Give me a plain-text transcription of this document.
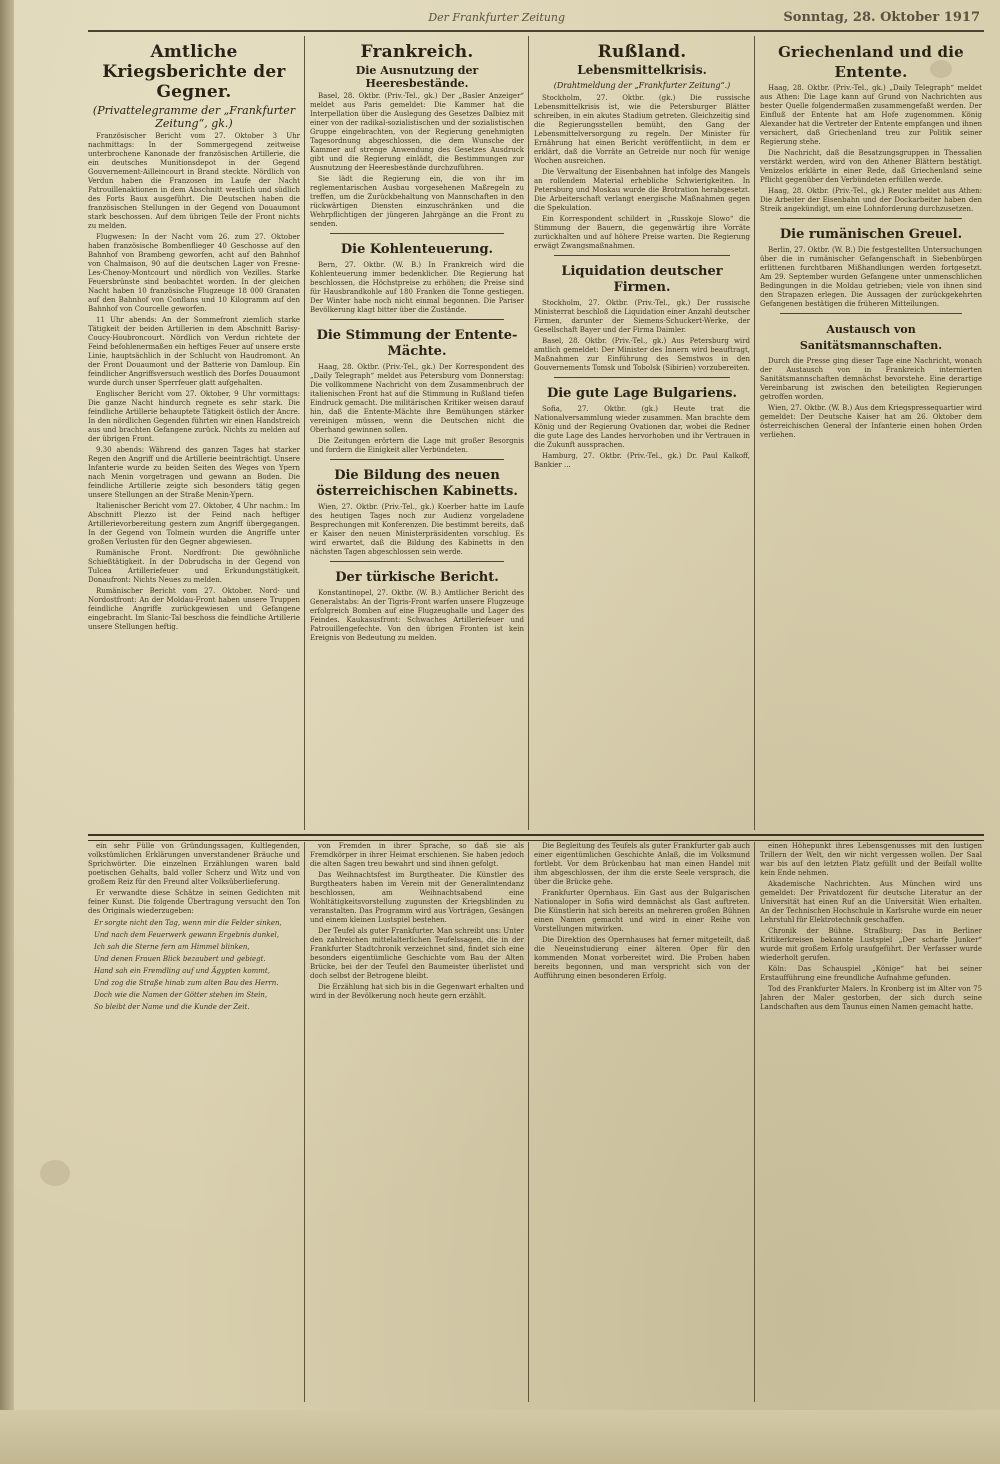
Der Frankfurter Zeitung	Sonntag, 28. Oktober 1917
Amtliche Kriegsberichte der Gegner.
(Privattelegramme der „Frankfurter Zeitung“, gk.)

Französischer Bericht vom 27. Oktober 3 Uhr nachmittags: In der Sommergegend zeitweise unterbrochene Kanonade der französischen Artillerie, die ein deutsches Munitionsdepot in der Gegend Gouvernement-Ailleincourt in Brand steckte. Nördlich von Verdun haben die Franzosen im Laufe der Nacht Patrouillenaktionen in dem Abschnitt westlich und südlich des Forts Baux ausgeführt. Die Deutschen haben die französischen Stellungen in der Gegend von Douaumont stark beschossen. Auf dem übrigen Teile der Front nichts zu melden.

Flugwesen: In der Nacht vom 26. zum 27. Oktober haben französische Bombenflieger 40 Geschosse auf den Bahnhof von Brambeng geworfen, acht auf den Bahnhof von Chalmaison, 90 auf die deutschen Lager von Fresne-Les-Chenoy-Montcourt und nördlich von Vezilles. Starke Feuersbrünste sind beobachtet worden. In der gleichen Nacht haben 10 französische Flugzeuge 18 000 Granaten auf den Bahnhof von Conflans und 10 Kilogramm auf den Bahnhof von Courcelle geworfen.

11 Uhr abends: An der Sommefront ziemlich starke Tätigkeit der beiden Artillerien in dem Abschnitt Barisy-Coucy-Houbroncourt. Nördlich von Verdun richtete der Feind befohlenermaßen ein heftiges Feuer auf unsere erste Linie, hauptsächlich in der Schlucht von Haudromont. An der Front Douaumont und der Batterie von Damloup. Ein feindlicher Angriffsversuch westlich des Dorfes Douaumont wurde durch unser Sperrfeuer glatt aufgehalten.

Englischer Bericht vom 27. Oktober, 9 Uhr vormittags: Die ganze Nacht hindurch regnete es sehr stark. Die feindliche Artillerie behauptete Tätigkeit östlich der Ancre. In den nördlichen Gegenden führten wir einen Handstreich aus und brachten Gefangene zurück. Nichts zu melden auf der übrigen Front.

9.30 abends: Während des ganzen Tages hat starker Regen den Angriff und die Artillerie beeinträchtigt. Unsere Infanterie wurde zu beiden Seiten des Weges von Ypern nach Menin vorgetragen und gewann an Boden. Die feindliche Artillerie zeigte sich besonders tätig gegen unsere Stellungen an der Straße Menin-Ypern.

Italienischer Bericht vom 27. Oktober, 4 Uhr nachm.: Im Abschnitt Plezzo ist der Feind nach heftiger Artillerievorbereitung gestern zum Angriff übergegangen. In der Gegend von Tolmein wurden die Angriffe unter großen Verlusten für den Gegner abgewiesen.

Rumänische Front. Nordfront: Die gewöhnliche Schießtätigkeit. In der Dobrudscha in der Gegend von Tulcea Artilleriefeuer und Erkundungstätigkeit. Donaufront: Nichts Neues zu melden.

Rumänischer Bericht vom 27. Oktober. Nord- und Nordostfront: An der Moldau-Front haben unsere Truppen feindliche Angriffe zurückgewiesen und Gefangene eingebracht. Im Slanic-Tal beschoss die feindliche Artillerie unsere Stellungen heftig.

Frankreich.
Die Ausnutzung der Heeresbestände.

Basel, 28. Oktbr. (Priv.-Tel., gk.) Der „Basler Anzeiger“ meldet aus Paris gemeldet: Die Kammer hat die Interpellation über die Auslegung des Gesetzes Dalbiez mit einer von der radikal-sozialistischen und der sozialistischen Gruppe eingebrachten, von der Regierung genehmigten Tagesordnung abgeschlossen, die dem Wunsche der Kammer auf strenge Anwendung des Gesetzes Ausdruck gibt und die Regierung einlädt, die Bestimmungen zur Ausnutzung der Heeresbestände durchzuführen.

Sie lädt die Regierung ein, die von ihr im reglementarischen Ausbau vorgesehenen Maßregeln zu treffen, um die Zurückbehaltung von Mannschaften in den rückwärtigen Diensten einzuschränken und die Wehrpflichtigen der jüngeren Jahrgänge an die Front zu senden.

Die Kohlenteuerung.

Bern, 27. Oktbr. (W. B.) In Frankreich wird die Kohlenteuerung immer bedenklicher. Die Regierung hat beschlossen, die Höchstpreise zu erhöhen; die Preise sind für Hausbrandkohle auf 180 Franken die Tonne gestiegen. Der Winter habe noch nicht einmal begonnen. Die Pariser Bevölkerung klagt bitter über die Zustände.

Die Stimmung der Entente-Mächte.

Haag, 28. Oktbr. (Priv.-Tel., gk.) Der Korrespondent des „Daily Telegraph“ meldet aus Petersburg vom Donnerstag: Die vollkommene Nachricht von dem Zusammenbruch der italienischen Front hat auf die Stimmung in Rußland tiefen Eindruck gemacht. Die militärischen Kritiker weisen darauf hin, daß die Entente-Mächte ihre Bemühungen stärker vereinigen müssen, wenn die Deutschen nicht die Oberhand gewinnen sollen.

Die Zeitungen erörtern die Lage mit großer Besorgnis und fordern die Einigkeit aller Verbündeten.

Die Bildung des neuen österreichischen Kabinetts.

Wien, 27. Oktbr. (Priv.-Tel., gk.) Koerber hatte im Laufe des heutigen Tages noch zur Audienz vorgeladene Besprechungen mit Konferenzen. Die bestimmt bereits, daß er Kaiser den neuen Ministerpräsidenten vorschlug. Es wird erwartet, daß die Bildung des Kabinetts in den nächsten Tagen abgeschlossen sein werde.

Der türkische Bericht.

Konstantinopel, 27. Oktbr. (W. B.) Amtlicher Bericht des Generalstabs: An der Tigris-Front warfen unsere Flugzeuge erfolgreich Bomben auf eine Flugzeughalle und Lager des Feindes. Kaukasusfront: Schwaches Artilleriefeuer und Patrouillengefechte. Von den übrigen Fronten ist kein Ereignis von Bedeutung zu melden.

Rußland.
Lebensmittelkrisis.
(Drahtmeldung der „Frankfurter Zeitung“.)

Stockholm, 27. Oktbr. (gk.) Die russische Lebensmittelkrisis ist, wie die Petersburger Blätter schreiben, in ein akutes Stadium getreten. Gleichzeitig sind die Regierungsstellen bemüht, den Gang der Lebensmittelversorgung zu regeln. Der Minister für Ernährung hat einen Bericht veröffentlicht, in dem er erklärt, daß die Vorräte an Getreide nur noch für wenige Wochen ausreichen.

Die Verwaltung der Eisenbahnen hat infolge des Mangels an rollendem Material erhebliche Schwierigkeiten. In Petersburg und Moskau wurde die Brotration herabgesetzt. Die Arbeiterschaft verlangt energische Maßnahmen gegen die Spekulation.

Ein Korrespondent schildert in „Russkoje Slowo“ die Stimmung der Bauern, die gegenwärtig ihre Vorräte zurückhalten und auf höhere Preise warten. Die Regierung erwägt Zwangsmaßnahmen.

Liquidation deutscher Firmen.

Stockholm, 27. Oktbr. (Priv.-Tel., gk.) Der russische Ministerrat beschloß die Liquidation einer Anzahl deutscher Firmen, darunter der Siemens-Schuckert-Werke, der Gesellschaft Bayer und der Firma Daimler.

Basel, 28. Oktbr. (Priv.-Tel., gk.) Aus Petersburg wird amtlich gemeldet: Der Minister des Innern wird beauftragt, Maßnahmen zur Einführung des Semstwos in den Gouvernements Tomsk und Tobolsk (Sibirien) vorzubereiten.

Die gute Lage Bulgariens.

Sofia, 27. Oktbr. (gk.) Heute trat die Nationalversammlung wieder zusammen. Man brachte dem König und der Regierung Ovationen dar, wobei die Redner die gute Lage des Landes hervorhoben und ihr Vertrauen in die Zukunft aussprachen.

Hamburg, 27. Oktbr. (Priv.-Tel., gk.) Dr. Paul Kalkoff, Bankier ...

Griechenland und die Entente.

Haag, 28. Oktbr. (Priv.-Tel., gk.) „Daily Telegraph“ meldet aus Athen: Die Lage kann auf Grund von Nachrichten aus bester Quelle folgendermaßen zusammengefaßt werden. Der Einfluß der Entente hat am Hofe zugenommen. König Alexander hat die Vertreter der Entente empfangen und ihnen versichert, daß Griechenland treu zur Politik seiner Regierung stehe.

Die Nachricht, daß die Besatzungsgruppen in Thessalien verstärkt werden, wird von den Athener Blättern bestätigt. Venizelos erklärte in einer Rede, daß Griechenland seine Pflicht gegenüber den Verbündeten erfüllen werde.

Haag, 28. Oktbr. (Priv.-Tel., gk.) Reuter meldet aus Athen: Die Arbeiter der Eisenbahn und der Dockarbeiter haben den Streik angekündigt, um eine Lohnforderung durchzusetzen.

Die rumänischen Greuel.

Berlin, 27. Oktbr. (W. B.) Die festgestellten Untersuchungen über die in rumänischer Gefangenschaft in Siebenbürgen erlittenen furchtbaren Mißhandlungen werden fortgesetzt. Am 29. September wurden Gefangene unter unmenschlichen Bedingungen in die Moldau getrieben; viele von ihnen sind den Strapazen erlegen. Die Aussagen der zurückgekehrten Gefangenen bestätigen die früheren Mitteilungen.

Austausch von Sanitätsmannschaften.

Durch die Presse ging dieser Tage eine Nachricht, wonach der Austausch von in Frankreich internierten Sanitätsmannschaften demnächst bevorstehe. Eine derartige Vereinbarung ist zwischen den beteiligten Regierungen getroffen worden.

Wien, 27. Oktbr. (W. B.) Aus dem Kriegspressequartier wird gemeldet: Der Deutsche Kaiser hat am 26. Oktober dem österreichischen General der Infanterie einen hohen Orden verliehen.

ein sehr Fülle von Gründungssagen, Kultlegenden, volkstümlichen Erklärungen unverstandener Bräuche und Sprichwörter. Die einzelnen Erzählungen waren bald poetischen Gehalts, bald voller Scherz und Witz und von großem Reiz für den Freund alter Volksüberlieferung.

Er verwandte diese Schätze in seinen Gedichten mit feiner Kunst. Die folgende Übertragung versucht den Ton des Originals wiederzugeben:

Er sorgte nicht den Tag, wenn mir die Felder sinken,
Und nach dem Feuerwerk gewann Ergebnis dunkel,
Ich sah die Sterne fern am Himmel blinken,
Und denen Frauen Blick bezaubert und gebiegt.
Hand sah ein Fremdling auf und Ägypten kommt,
Und zog die Straße hinab zum alten Bau des Herrn.
Doch wie die Namen der Götter stehen im Stein,
So bleibt der Name und die Kunde der Zeit.

von Fremden in ihrer Sprache, so daß sie als Fremdkörper in ihrer Heimat erschienen. Sie haben jedoch die alten Sagen treu bewahrt und sind ihnen gefolgt.

Das Weihnachtsfest im Burgtheater. Die Künstler des Burgtheaters haben im Verein mit der Generalintendanz beschlossen, am Weihnachtsabend eine Wohltätigkeitsvorstellung zugunsten der Kriegsblinden zu veranstalten. Das Programm wird aus Vorträgen, Gesängen und einem kleinen Lustspiel bestehen.

Der Teufel als guter Frankfurter. Man schreibt uns: Unter den zahlreichen mittelalterlichen Teufelssagen, die in der Frankfurter Stadtchronik verzeichnet sind, findet sich eine besonders eigentümliche Geschichte vom Bau der Alten Brücke, bei der der Teufel den Baumeister überlistet und doch selbst der Betrogene bleibt.

Die Erzählung hat sich bis in die Gegenwart erhalten und wird in der Bevölkerung noch heute gern erzählt.

Die Begleitung des Teufels als guter Frankfurter gab auch einer eigentümlichen Geschichte Anlaß, die im Volksmund fortlebt. Vor dem Brückenbau hat man einen Handel mit ihm abgeschlossen, der ihm die erste Seele versprach, die über die Brücke gehe.

Frankfurter Opernhaus. Ein Gast aus der Bulgarischen Nationaloper in Sofia wird demnächst als Gast auftreten. Die Künstlerin hat sich bereits an mehreren großen Bühnen einen Namen gemacht und wird in einer Reihe von Vorstellungen mitwirken.

Die Direktion des Opernhauses hat ferner mitgeteilt, daß die Neueinstudierung einer älteren Oper für den kommenden Monat vorbereitet wird. Die Proben haben bereits begonnen, und man verspricht sich von der Aufführung einen besonderen Erfolg.

einen Höhepunkt ihres Lebensgenusses mit den lustigen Trillern der Welt, den wir nicht vergessen wollen. Der Saal war bis auf den letzten Platz gefüllt und der Beifall wollte kein Ende nehmen.

Akademische Nachrichten. Aus München wird uns gemeldet: Der Privatdozent für deutsche Literatur an der Universität hat einen Ruf an die Universität Wien erhalten. An der Technischen Hochschule in Karlsruhe wurde ein neuer Lehrstuhl für Elektrotechnik geschaffen.

Chronik der Bühne. Straßburg: Das in Berliner Kritikerkreisen bekannte Lustspiel „Der scharfe Junker“ wurde mit großem Erfolg uraufgeführt. Der Verfasser wurde wiederholt gerufen.

Köln: Das Schauspiel „Könige“ hat bei seiner Erstaufführung eine freundliche Aufnahme gefunden.

Tod des Frankfurter Malers. In Kronberg ist im Alter von 75 Jahren der Maler gestorben, der sich durch seine Landschaften aus dem Taunus einen Namen gemacht hatte.
